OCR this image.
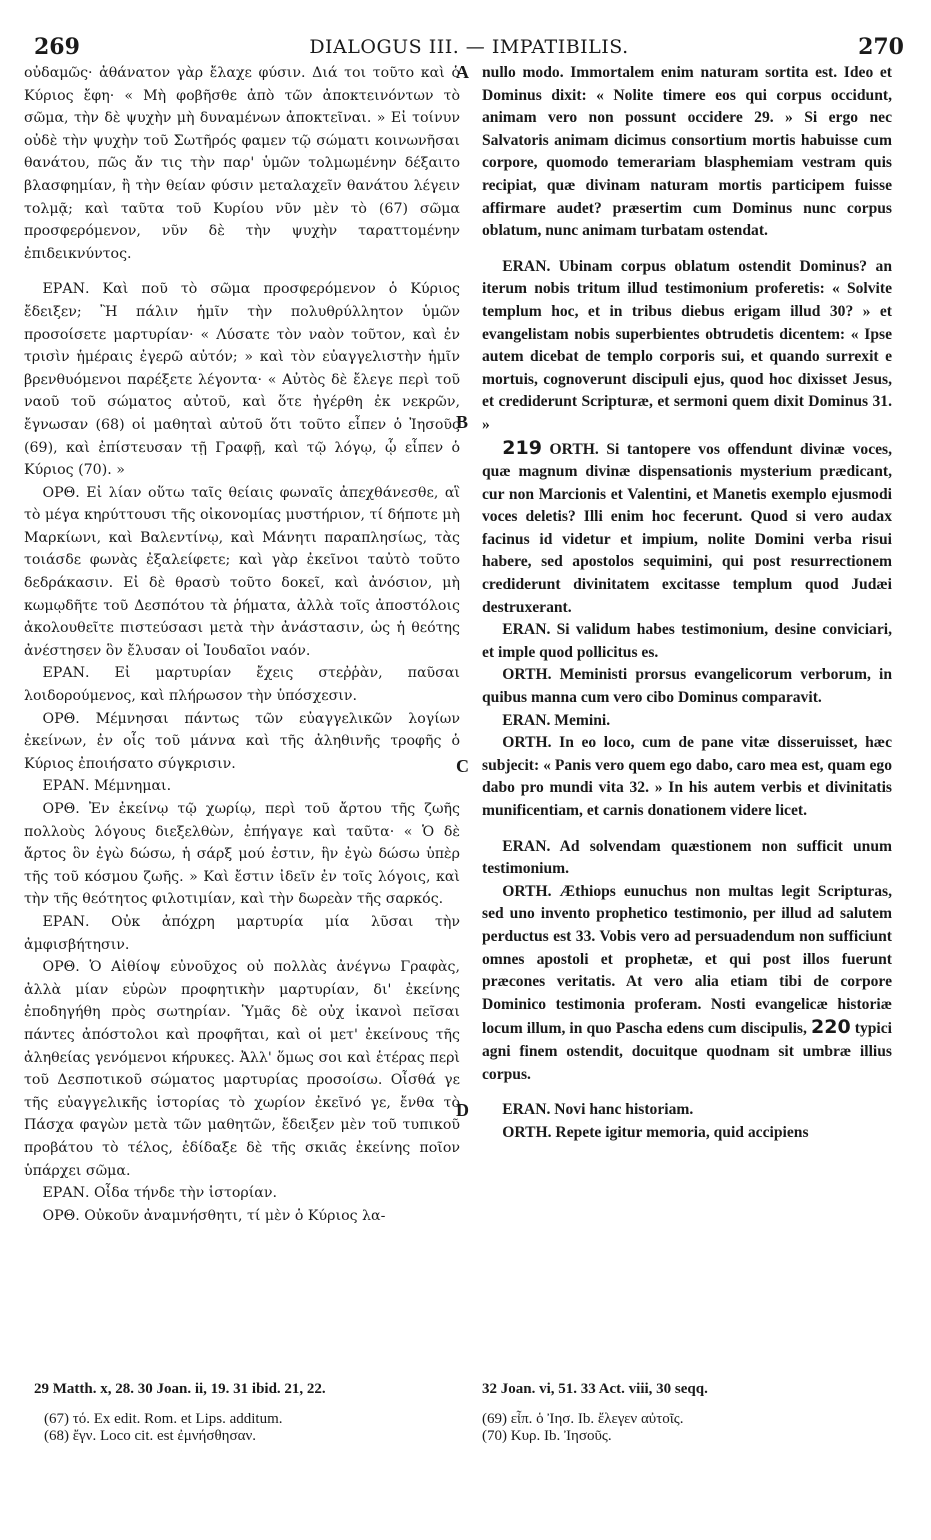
269	DIALOGUS III. — IMPATIBILIS.	270
A
B
C
D

οὐδαμῶς· ἀθάνατον γὰρ ἔλαχε φύσιν. Διά τοι τοῦτο καὶ ὁ Κύριος ἔφη· « Μὴ φοβῆσθε ἀπὸ τῶν ἀποκτεινόντων τὸ σῶμα, τὴν δὲ ψυχὴν μὴ δυναμένων ἀποκτεῖναι. » Εἰ τοίνυν οὐδὲ τὴν ψυχὴν τοῦ Σωτῆρός φαμεν τῷ σώματι κοινωνῆσαι θανάτου, πῶς ἄν τις τὴν παρ' ὑμῶν τολμωμένην δέξαιτο βλασφημίαν, ἢ τὴν θείαν φύσιν μεταλαχεῖν θανάτου λέγειν τολμᾷ; καὶ ταῦτα τοῦ Κυρίου νῦν μὲν τὸ (67) σῶμα προσφερόμενον, νῦν δὲ τὴν ψυχὴν ταραττομένην ἐπιδεικνύντος.

ΕΡΑΝ. Καὶ ποῦ τὸ σῶμα προσφερόμενον ὁ Κύριος ἔδειξεν; Ἢ πάλιν ἡμῖν τὴν πολυθρύλλητον ὑμῶν προσοίσετε μαρτυρίαν· « Λύσατε τὸν ναὸν τοῦτον, καὶ ἐν τρισὶν ἡμέραις ἐγερῶ αὐτόν; » καὶ τὸν εὐαγγελιστὴν ἡμῖν βρενθυόμενοι παρέξετε λέγοντα· « Αὐτὸς δὲ ἔλεγε περὶ τοῦ ναοῦ τοῦ σώματος αὐτοῦ, καὶ ὅτε ἠγέρθη ἐκ νεκρῶν, ἔγνωσαν (68) οἱ μαθηταὶ αὐτοῦ ὅτι τοῦτο εἶπεν ὁ Ἰησοῦς (69), καὶ ἐπίστευσαν τῇ Γραφῇ, καὶ τῷ λόγῳ, ᾧ εἶπεν ὁ Κύριος (70). »

ΟΡΘ. Εἰ λίαν οὕτω ταῖς θείαις φωναῖς ἀπεχθάνεσθε, αἳ τὸ μέγα κηρύττουσι τῆς οἰκονομίας μυστήριον, τί δήποτε μὴ Μαρκίωνι, καὶ Βαλεντίνῳ, καὶ Μάνητι παραπλησίως, τὰς τοιάσδε φωνὰς ἐξαλείφετε; καὶ γὰρ ἐκεῖνοι ταὐτὸ τοῦτο δεδράκασιν. Εἰ δὲ θρασὺ τοῦτο δοκεῖ, καὶ ἀνόσιον, μὴ κωμῳδῆτε τοῦ Δεσπότου τὰ ῥήματα, ἀλλὰ τοῖς ἀποστόλοις ἀκολουθεῖτε πιστεύσασι μετὰ τὴν ἀνάστασιν, ὡς ἡ θεότης ἀνέστησεν ὃν ἔλυσαν οἱ Ἰουδαῖοι ναόν.

ΕΡΑΝ. Εἰ μαρτυρίαν ἔχεις στεῤῥὰν, παῦσαι λοιδορούμενος, καὶ πλήρωσον τὴν ὑπόσχεσιν.

ΟΡΘ. Μέμνησαι πάντως τῶν εὐαγγελικῶν λογίων ἐκείνων, ἐν οἷς τοῦ μάννα καὶ τῆς ἀληθινῆς τροφῆς ὁ Κύριος ἐποιήσατο σύγκρισιν.

ΕΡΑΝ. Μέμνημαι.

ΟΡΘ. Ἐν ἐκείνῳ τῷ χωρίῳ, περὶ τοῦ ἄρτου τῆς ζωῆς πολλοὺς λόγους διεξελθὼν, ἐπήγαγε καὶ ταῦτα· « Ὁ δὲ ἄρτος ὃν ἐγὼ δώσω, ἡ σάρξ μού ἐστιν, ἣν ἐγὼ δώσω ὑπὲρ τῆς τοῦ κόσμου ζωῆς. » Καὶ ἔστιν ἰδεῖν ἐν τοῖς λόγοις, καὶ τὴν τῆς θεότητος φιλοτιμίαν, καὶ τὴν δωρεὰν τῆς σαρκός.

ΕΡΑΝ. Οὐκ ἀπόχρη μαρτυρία μία λῦσαι τὴν ἀμφισβήτησιν.

ΟΡΘ. Ὁ Αἰθίοψ εὐνοῦχος οὐ πολλὰς ἀνέγνω Γραφὰς, ἀλλὰ μίαν εὑρὼν προφητικὴν μαρτυρίαν, δι' ἐκείνης ἐποδηγήθη πρὸς σωτηρίαν. Ὑμᾶς δὲ οὐχ ἱκανοὶ πεῖσαι πάντες ἀπόστολοι καὶ προφῆται, καὶ οἱ μετ' ἐκείνους τῆς ἀληθείας γενόμενοι κήρυκες. Ἀλλ' ὅμως σοι καὶ ἑτέρας περὶ τοῦ Δεσποτικοῦ σώματος μαρτυρίας προσοίσω. Οἶσθά γε τῆς εὐαγγελικῆς ἱστορίας τὸ χωρίον ἐκεῖνό γε, ἔνθα τὸ Πάσχα φαγὼν μετὰ τῶν μαθητῶν, ἔδειξεν μὲν τοῦ τυπικοῦ προβάτου τὸ τέλος, ἐδίδαξε δὲ τῆς σκιᾶς ἐκείνης ποῖον ὑπάρχει σῶμα.

ΕΡΑΝ. Οἶδα τήνδε τὴν ἱστορίαν.

ΟΡΘ. Οὐκοῦν ἀναμνήσθητι, τί μὲν ὁ Κύριος λα-

nullo modo. Immortalem enim naturam sortita est. Ideo et Dominus dixit: « Nolite timere eos qui corpus occidunt, animam vero non possunt occidere 29. » Si ergo nec Salvatoris animam dicimus consortium mortis habuisse cum corpore, quomodo temerariam blasphemiam vestram quis recipiat, quæ divinam naturam mortis participem fuisse affirmare audet? præsertim cum Dominus nunc corpus oblatum, nunc animam turbatam ostendat.

ERAN. Ubinam corpus oblatum ostendit Dominus? an iterum nobis tritum illud testimonium proferetis: « Solvite templum hoc, et in tribus diebus erigam illud 30? » et evangelistam nobis superbientes obtrudetis dicentem: « Ipse autem dicebat de templo corporis sui, et quando surrexit e mortuis, cognoverunt discipuli ejus, quod hoc dixisset Jesus, et crediderunt Scripturæ, et sermoni quem dixit Dominus 31. »

219 ORTH. Si tantopere vos offendunt divinæ voces, quæ magnum divinæ dispensationis mysterium prædicant, cur non Marcionis et Valentini, et Manetis exemplo ejusmodi voces deletis? Illi enim hoc fecerunt. Quod si vero audax facinus id videtur et impium, nolite Domini verba risui habere, sed apostolos sequimini, qui post resurrectionem crediderunt divinitatem excitasse templum quod Judæi destruxerant.

ERAN. Si validum habes testimonium, desine conviciari, et imple quod pollicitus es.

ORTH. Meministi prorsus evangelicorum verborum, in quibus manna cum vero cibo Dominus comparavit.

ERAN. Memini.

ORTH. In eo loco, cum de pane vitæ disseruisset, hæc subjecit: « Panis vero quem ego dabo, caro mea est, quam ego dabo pro mundi vita 32. » In his autem verbis et divinitatis munificentiam, et carnis donationem videre licet.

ERAN. Ad solvendam quæstionem non sufficit unum testimonium.

ORTH. Æthiops eunuchus non multas legit Scripturas, sed uno invento prophetico testimonio, per illud ad salutem perductus est 33. Vobis vero ad persuadendum non sufficiunt omnes apostoli et prophetæ, et qui post illos fuerunt præcones veritatis. At vero alia etiam tibi de corpore Dominico testimonia proferam. Nosti evangelicæ historiæ locum illum, in quo Pascha edens cum discipulis, 220 typici agni finem ostendit, docuitque quodnam sit umbræ illius corpus.

ERAN. Novi hanc historiam.

ORTH. Repete igitur memoria, quid accipiens

29 Matth. x, 28. 30 Joan. ii, 19. 31 ibid. 21, 22.	32 Joan. vi, 51. 33 Act. viii, 30 seqq.
(67) τό. Ex edit. Rom. et Lips. additum.
(68) ἔγν. Loco cit. est ἐμνήσθησαν.
(69) εἶπ. ὁ Ἰησ. Ib. ἔλεγεν αὐτοῖς.
(70) Κυρ. Ib. Ἰησοῦς.
